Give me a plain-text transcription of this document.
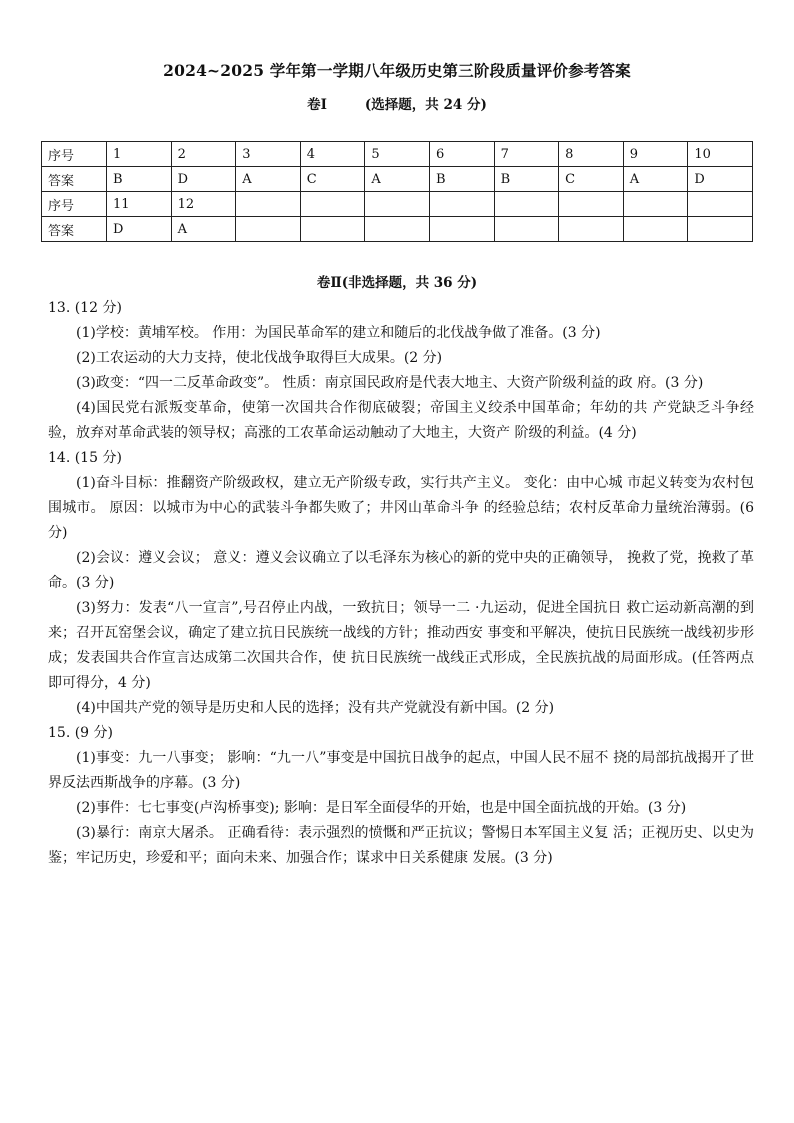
2024~2025 学年第一学期八年级历史第三阶段质量评价参考答案
卷Ⅰ	(选择题，共 24 分)
序号	1	2	3	4	5	6	7	8	9	10
答案	B	D	A	C	A	B	B	C	A	D
序号	11	12								
答案	D	A								
卷Ⅱ(非选择题，共 36 分)

13. (12 分)

(1)学校：黄埔军校。 作用：为国民革命军的建立和随后的北伐战争做了准备。(3 分)

(2)工农运动的大力支持，使北伐战争取得巨大成果。(2 分)

(3)政变：“四一二反革命政变”。 性质：南京国民政府是代表大地主、大资产阶级利益的政 府。(3 分)

(4)国民党右派叛变革命，使第一次国共合作彻底破裂；帝国主义绞杀中国革命；年幼的共 产党缺乏斗争经验，放弃对革命武装的领导权；高涨的工农革命运动触动了大地主，大资产 阶级的利益。(4 分)

14. (15 分)

(1)奋斗目标：推翻资产阶级政权，建立无产阶级专政，实行共产主义。 变化：由中心城 市起义转变为农村包围城市。 原因：以城市为中心的武装斗争都失败了；井冈山革命斗争 的经验总结；农村反革命力量统治薄弱。(6 分)

(2)会议：遵义会议； 意义：遵义会议确立了以毛泽东为核心的新的党中央的正确领导， 挽救了党，挽救了革命。(3 分)

(3)努力：发表“八一宣言”,号召停止内战，一致抗日；领导一二 ·九运动，促进全国抗日 救亡运动新高潮的到来；召开瓦窑堡会议，确定了建立抗日民族统一战线的方针；推动西安 事变和平解决，使抗日民族统一战线初步形成；发表国共合作宣言达成第二次国共合作，使 抗日民族统一战线正式形成，全民族抗战的局面形成。(任答两点即可得分，4 分)

(4)中国共产党的领导是历史和人民的选择；没有共产党就没有新中国。(2 分)

15. (9 分)

(1)事变：九一八事变； 影响：“九一八”事变是中国抗日战争的起点，中国人民不屈不 挠的局部抗战揭开了世界反法西斯战争的序幕。(3 分)

(2)事件：七七事变(卢沟桥事变); 影响：是日军全面侵华的开始，也是中国全面抗战的开始。(3 分)

(3)暴行：南京大屠杀。 正确看待：表示强烈的愤慨和严正抗议；警惕日本军国主义复 活；正视历史、以史为鉴；牢记历史，珍爱和平；面向未来、加强合作；谋求中日关系健康 发展。(3 分)
